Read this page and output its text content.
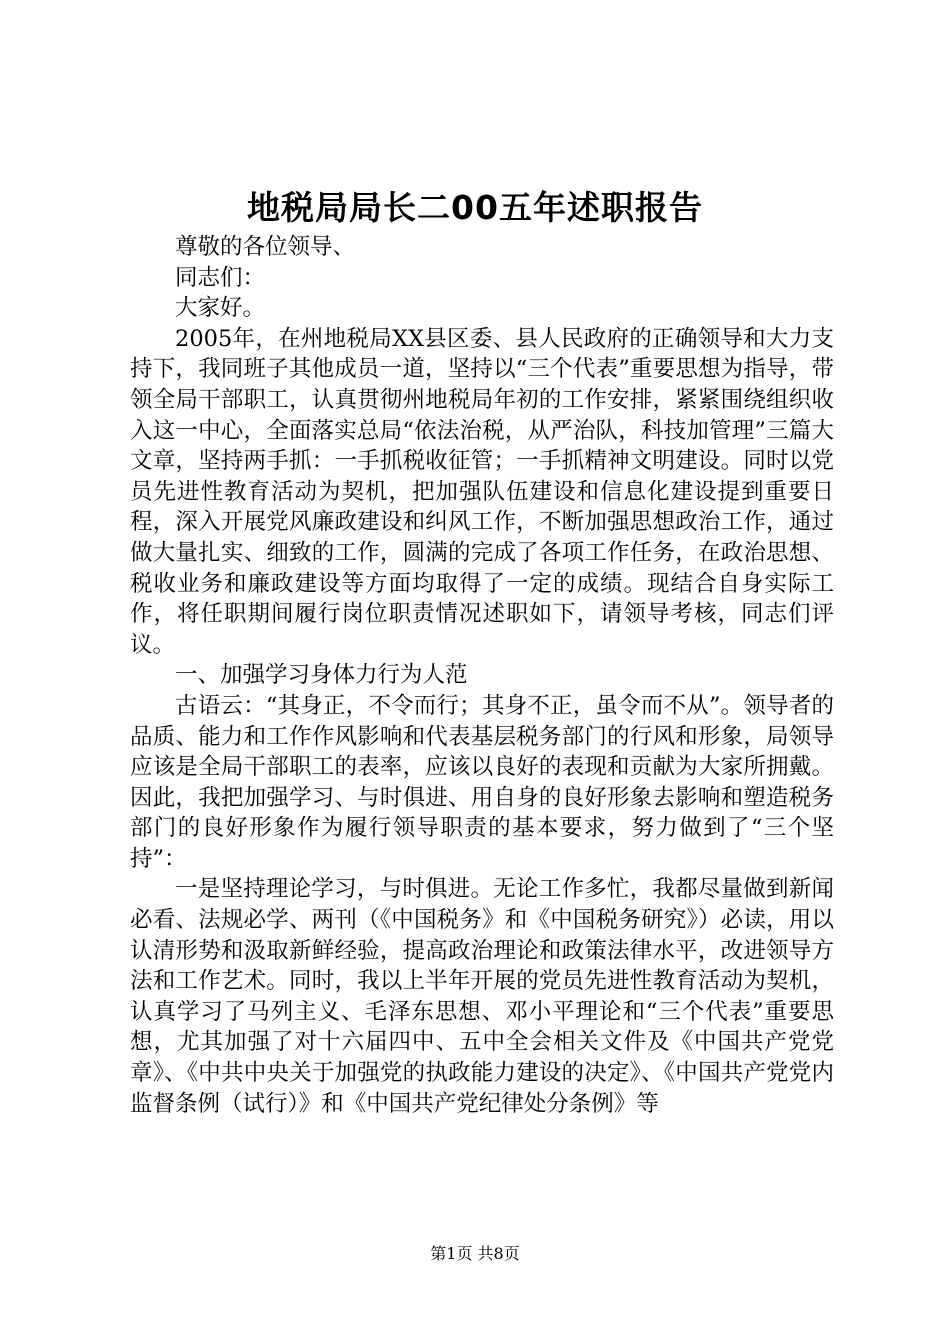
地税局局长二00五年述职报告

尊敬的各位领导、

同志们：

大家好。

2005年，在州地税局XX县区委、县人民政府的正确领导和大力支持下，我同班子其他成员一道，坚持以“三个代表”重要思想为指导，带领全局干部职工，认真贯彻州地税局年初的工作安排，紧紧围绕组织收入这一中心，全面落实总局“依法治税，从严治队，科技加管理”三篇大文章，坚持两手抓：一手抓税收征管；一手抓精神文明建设。同时以党员先进性教育活动为契机，把加强队伍建设和信息化建设提到重要日程，深入开展党风廉政建设和纠风工作，不断加强思想政治工作，通过做大量扎实、细致的工作，圆满的完成了各项工作任务，在政治思想、税收业务和廉政建设等方面均取得了一定的成绩。现结合自身实际工作，将任职期间履行岗位职责情况述职如下，请领导考核，同志们评议。

一、加强学习身体力行为人范

古语云：“其身正，不令而行；其身不正，虽令而不从”。领导者的品质、能力和工作作风影响和代表基层税务部门的行风和形象，局领导应该是全局干部职工的表率，应该以良好的表现和贡献为大家所拥戴。因此，我把加强学习、与时俱进、用自身的良好形象去影响和塑造税务部门的良好形象作为履行领导职责的基本要求，努力做到了“三个坚持”：

一是坚持理论学习，与时俱进。无论工作多忙，我都尽量做到新闻必看、法规必学、两刊（《中国税务》和《中国税务研究》）必读，用以认清形势和汲取新鲜经验，提高政治理论和政策法律水平，改进领导方法和工作艺术。同时，我以上半年开展的党员先进性教育活动为契机，认真学习了马列主义、毛泽东思想、邓小平理论和“三个代表”重要思想，尤其加强了对十六届四中、五中全会相关文件及《中国共产党党章》、《中共中央关于加强党的执政能力建设的决定》、《中国共产党党内监督条例（试行）》和《中国共产党纪律处分条例》等

第1页 共8页
